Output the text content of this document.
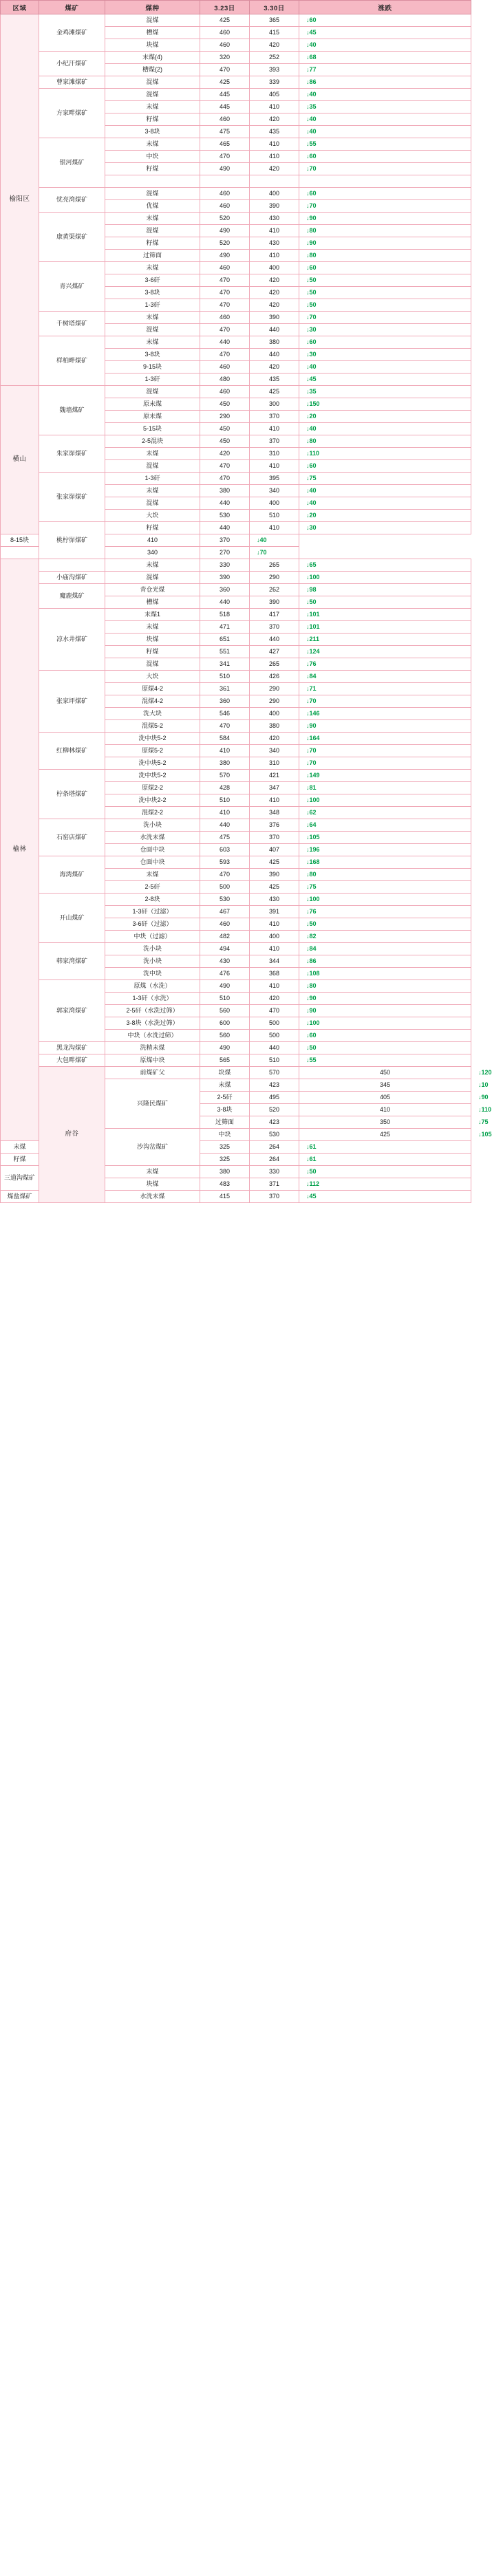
区域	煤矿	煤种	3.23日	3.30日	涨跌	
榆阳区	金鸡滩煤矿	混煤	425	365	↓60	
		槽煤	460	415	↓45	
		块煤	460	420	↓40	
	小纪汗煤矿	末煤(4)	320	252	↓68	
		槽煤(2)	470	393	↓77	
	曹家滩煤矿	混煤	425	339	↓86	
	方家畔煤矿	混煤	445	405	↓40	
		末煤	445	410	↓35	
		籽煤	460	420	↓40	
		3-8块	475	435	↓40	
	银河煤矿	末煤	465	410	↓55	
		中块	470	410	↓60	
		籽煤	490	420	↓70	

	忧亮湾煤矿	混煤	460	400	↓60	
		优煤	460	390	↓70	
	康黄渠煤矿	末煤	520	430	↓90	
		混煤	490	410	↓80	
		籽煤	520	430	↓90	
		过筛面	490	410	↓80	
	青兴煤矿	末煤	460	400	↓60	
		3-6矸	470	420	↓50	
		3-8块	470	420	↓50	
		1-3矸	470	420	↓50	
	千树塔煤矿	末煤	460	390	↓70	
		混煤	470	440	↓30	
	样柏畔煤矿	末煤	440	380	↓60	
		3-8块	470	440	↓30	
		9-15块	460	420	↓40	
		1-3矸	480	435	↓45	
横山	魏墙煤矿	混煤	460	425	↓35	
		原末煤	450	300	↓150	
		原末煤	290	370	↓20	
		5-15块	450	410	↓40	
	朱家峁煤矿	2-5混块	450	370	↓80	
		末煤	420	310	↓110	
		混煤	470	410	↓60	
	张家峁煤矿	1-3矸	470	395	↓75	
		末煤	380	340	↓40	
		混煤	440	400	↓40	
		大块	530	510	↓20	
	桃柠峁煤矿	籽煤	440	410	↓30	
8-15块		410	370	↓40		
		340	270	↓70		
榆林		末煤	330	265	↓65	
	小庙沟煤矿	混煤	390	290	↓100	
	魔鹿煤矿	青仓光煤	360	262	↓98	
		槽煤	440	390	↓50	
	凉水井煤矿	末煤1	518	417	↓101	
		末煤	471	370	↓101	
		块煤	651	440	↓211	
		籽煤	551	427	↓124	
		混煤	341	265	↓76	
	张家坪煤矿	大块	510	426	↓84	
		原煤4-2	361	290	↓71	
		混煤4-2	360	290	↓70	
		洗大块	546	400	↓146	
		混煤5-2	470	380	↓90	
	红柳林煤矿	洗中块5-2	584	420	↓164	
		原煤5-2	410	340	↓70	
		洗中块5-2	380	310	↓70	
	柠条塔煤矿	洗中块5-2	570	421	↓149	
		原煤2-2	428	347	↓81	
		洗中块2-2	510	410	↓100	
		混煤2-2	410	348	↓62	
	石窑店煤矿	洗小块	440	376	↓64	
		水洗末煤	475	370	↓105	
		仓面中块	603	407	↓196	
	海湾煤矿	仓面中块	593	425	↓168	
		末煤	470	390	↓80	
		2-5矸	500	425	↓75	
	开山煤矿	2-8块	530	430	↓100	
		1-3矸（过滤）	467	391	↓76	
		3-6矸（过滤）	460	410	↓50	
		中块（过滤）	482	400	↓82	
	韩家湾煤矿	洗小块	494	410	↓84	
		洗小块	430	344	↓86	
		洗中块	476	368	↓108	
	郭家湾煤矿	原煤（水洗）	490	410	↓80	
		1-3矸（水洗）	510	420	↓90	
		2-5矸（水洗过筛）	560	470	↓90	
		3-8块（水洗过筛）	600	500	↓100	
		中块（水洗过筛）	560	500	↓60	
	黑龙沟煤矿	洗精末煤	490	440	↓50	
	大包畔煤矿	原煤中块	565	510	↓55	
	府谷	前煤矿父	块煤	570	450	↓120
		兴隆民煤矿	末煤	423	345	↓10
			2-5矸	495	405	↓90
			3-8块	520	410	↓110
			过筛面	423	350	↓75
		沙沟岔煤矿	中块	530	425	↓105
末煤			325	264	↓61	
籽煤			325	264	↓61	
三道沟煤矿		末煤	380	330	↓50	
		块煤	483	371	↓112	
煤盐煤矿		水洗末煤	415	370	↓45	
